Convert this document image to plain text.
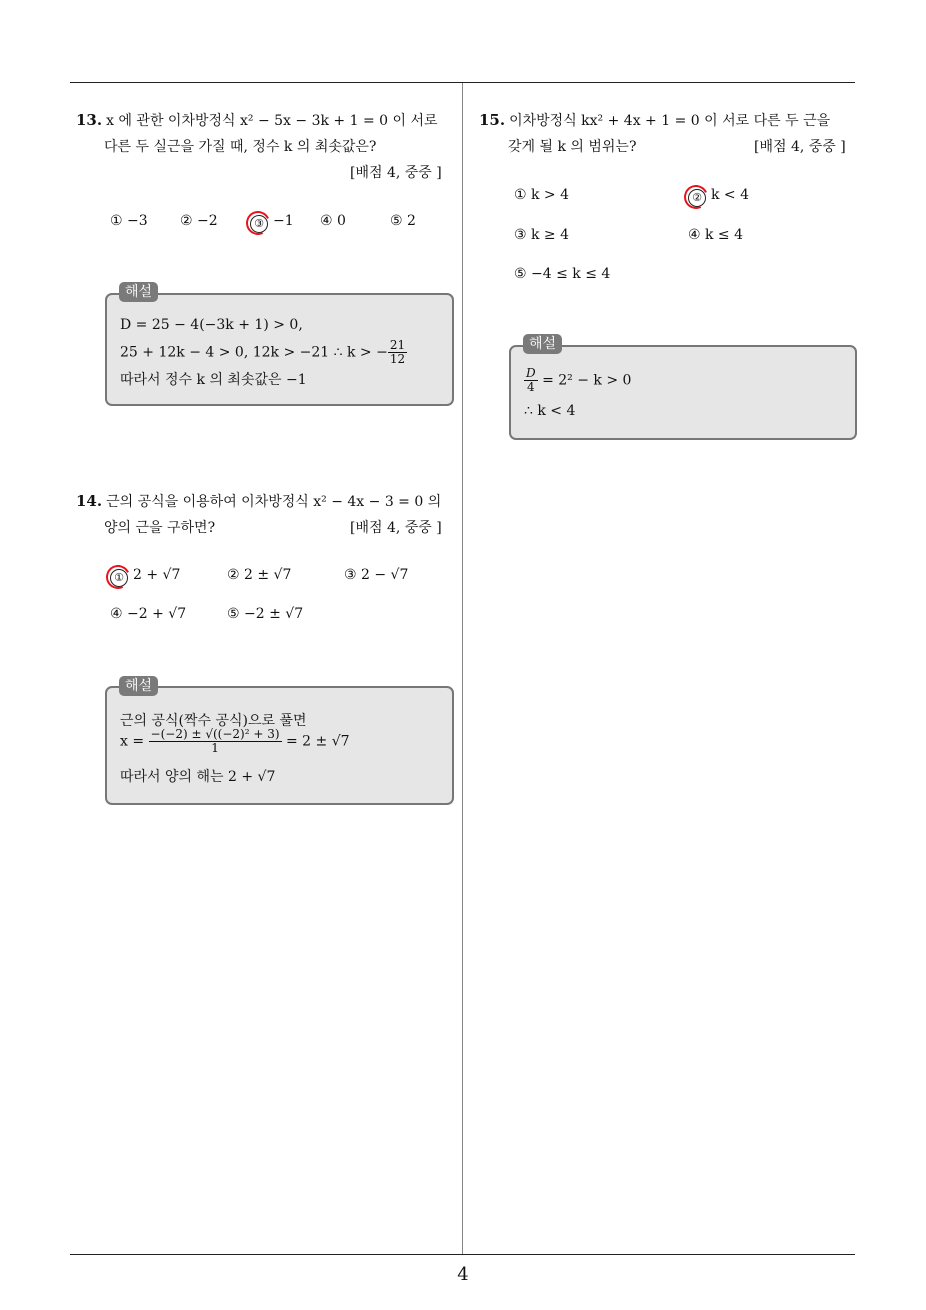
4
13. x 에 관한 이차방정식 x² − 5x − 3k + 1 = 0 이 서로
다른 두 실근을 가질 때, 정수 k 의 최솟값은?
[배점 4, 중중 ]
① −3 ② −2	③ −1 ④ 0	⑤ 2
D = 25 − 4(−3k + 1) > 0,
25 + 12k − 4 > 0, 12k > −21 ∴ k > − $\frac{21}{12}$
따라서 정수 k 의 최솟값은 −1
해설
14. 근의 공식을 이용하여 이차방정식 x² − 4x − 3 = 0 의
양의 근을 구하면?	[배점 4, 중중 ]
① 2 + √7	② 2 ± √7	③ 2 − √7
④ −2 + √7	⑤ −2 ± √7
근의 공식(짝수 공식)으로 풀면
$x = \frac{\text{−(−2) ± √((−2)² + 3)}}{1} = 2 \pm √7$
따라서 양의 해는 2 + √7
해설
15. 이차방정식 kx² + 4x + 1 = 0 이 서로 다른 두 근을
갖게 될 k 의 범위는?	[배점 4, 중중 ]
① k > 4	② k < 4
③ k ≥ 4	④ k ≤ 4
⑤ −4 ≤ k ≤ 4
$\frac{D}{4} = 2^2 - k > 0$
∴ k < 4
해설
